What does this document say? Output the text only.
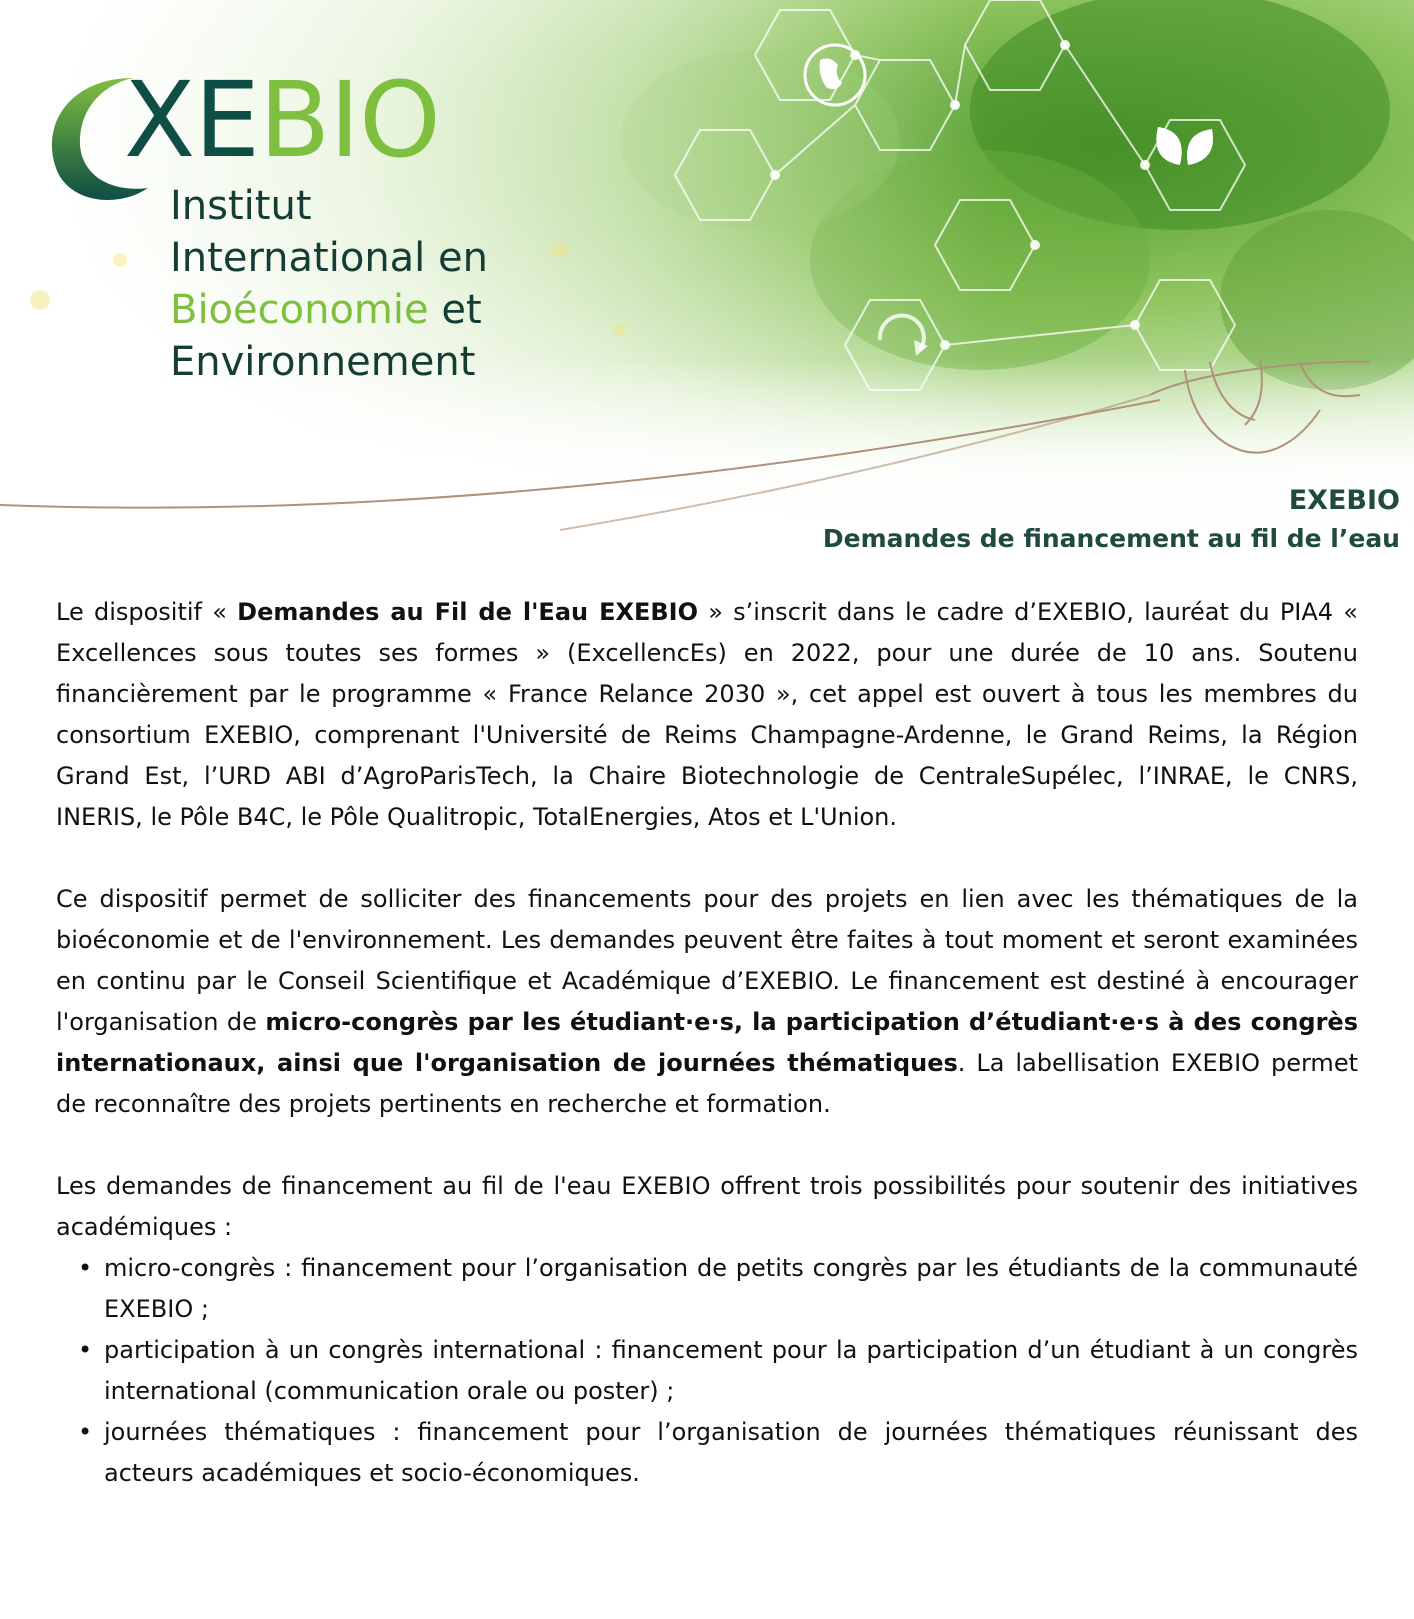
XEBIO
Institut
International en
Bioéconomie et
Environnement
EXEBIO
Demandes de financement au fil de l’eau

Le dispositif « Demandes au Fil de l'Eau EXEBIO » s’inscrit dans le cadre d’EXEBIO, lauréat du PIA4 « Excellences sous toutes ses formes » (ExcellencEs) en 2022, pour une durée de 10 ans. Soutenu financièrement par le programme « France Relance 2030 », cet appel est ouvert à tous les membres du consortium EXEBIO, comprenant l'Université de Reims Champagne-Ardenne, le Grand Reims, la Région Grand Est, l’URD ABI d’AgroParisTech, la Chaire Biotechnologie de CentraleSupélec, l’INRAE, le CNRS, INERIS, le Pôle B4C, le Pôle Qualitropic, TotalEnergies, Atos et L'Union.

Ce dispositif permet de solliciter des financements pour des projets en lien avec les thématiques de la bioéconomie et de l'environnement. Les demandes peuvent être faites à tout moment et seront examinées en continu par le Conseil Scientifique et Académique d’EXEBIO. Le financement est destiné à encourager l'organisation de micro-congrès par les étudiant·e·s, la participation d’étudiant·e·s à des congrès internationaux, ainsi que l'organisation de journées thématiques. La labellisation EXEBIO permet de reconnaître des projets pertinents en recherche et formation.

Les demandes de financement au fil de l'eau EXEBIO offrent trois possibilités pour soutenir des initiatives académiques :

• micro-congrès : financement pour l’organisation de petits congrès par les étudiants de la communauté EXEBIO ;
• participation à un congrès international : financement pour la participation d’un étudiant à un congrès international (communication orale ou poster) ;
• journées thématiques : financement pour l’organisation de journées thématiques réunissant des acteurs académiques et socio-économiques.
